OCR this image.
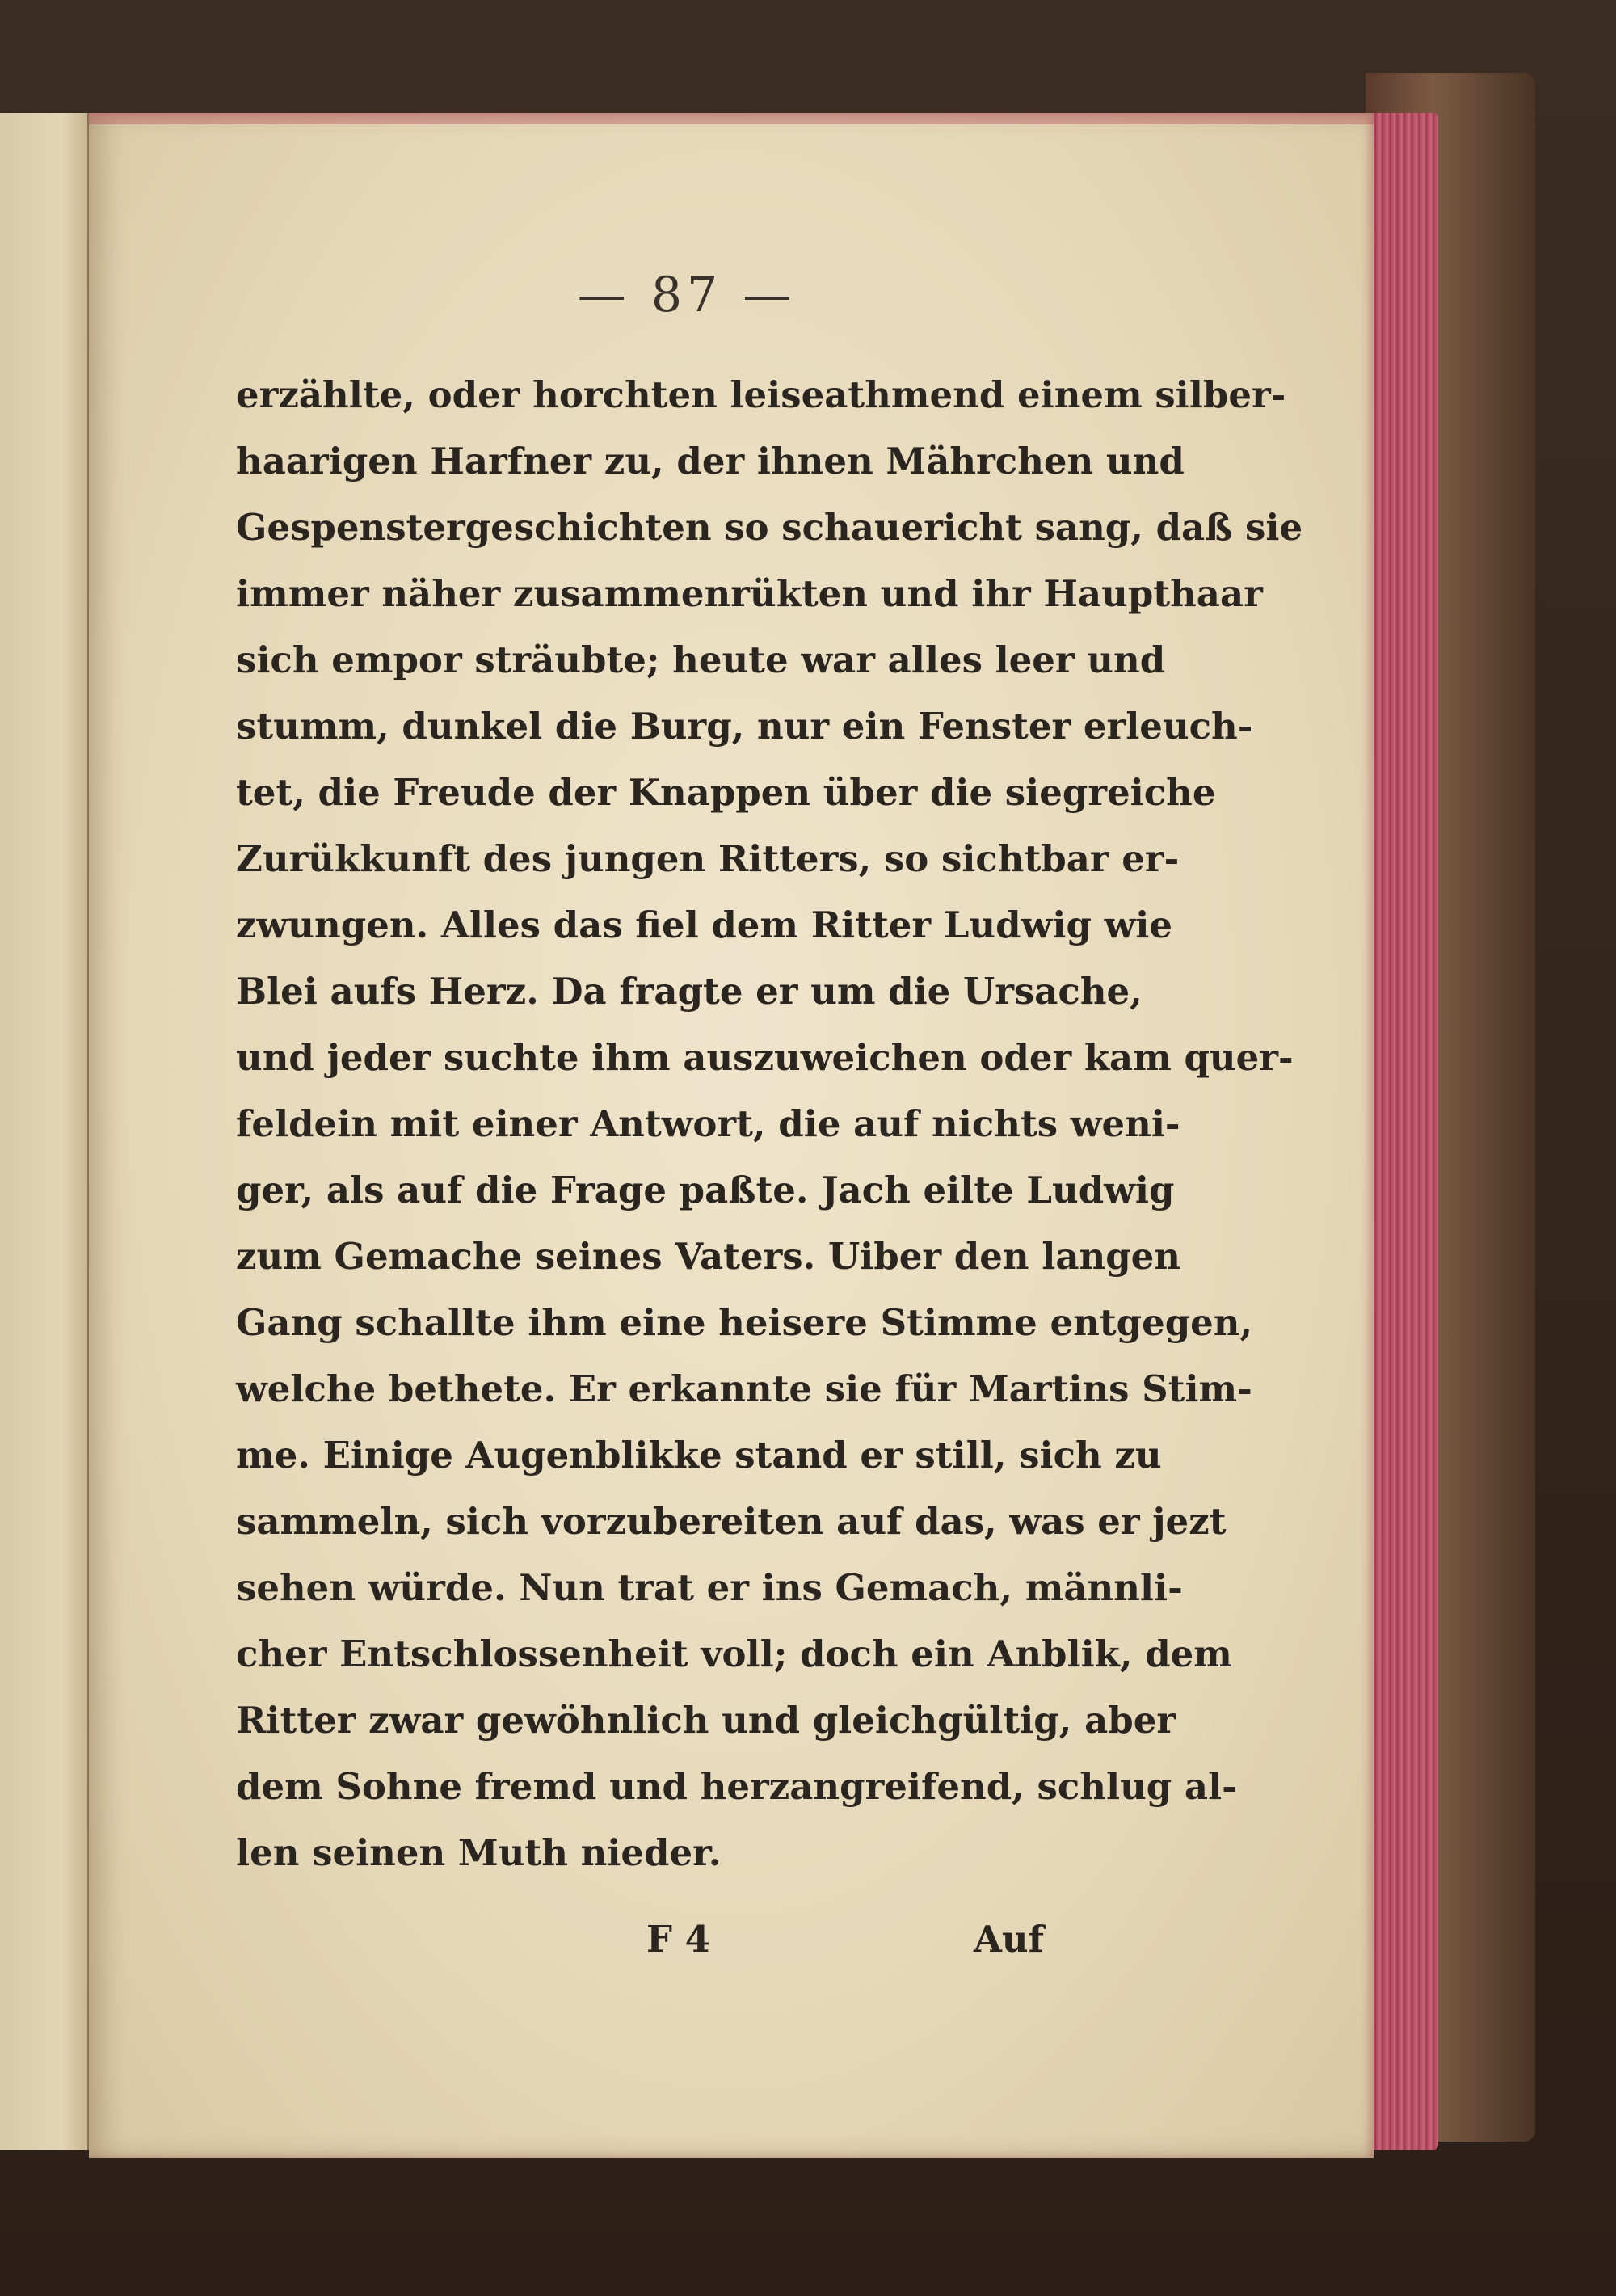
— 87 —
erzählte, oder horchten leiseathmend einem silber-
haarigen Harfner zu, der ihnen Mährchen und
Gespenstergeschichten so schauericht sang, daß sie
immer näher zusammenrükten und ihr Haupthaar
sich empor sträubte; heute war alles leer und
stumm, dunkel die Burg, nur ein Fenster erleuch-
tet, die Freude der Knappen über die siegreiche
Zurükkunft des jungen Ritters, so sichtbar er-
zwungen. Alles das fiel dem Ritter Ludwig wie
Blei aufs Herz. Da fragte er um die Ursache,
und jeder suchte ihm auszuweichen oder kam quer-
feldein mit einer Antwort, die auf nichts weni-
ger, als auf die Frage paßte. Jach eilte Ludwig
zum Gemache seines Vaters. Uiber den langen
Gang schallte ihm eine heisere Stimme entgegen,
welche bethete. Er erkannte sie für Martins Stim-
me. Einige Augenblikke stand er still, sich zu
sammeln, sich vorzubereiten auf das, was er jezt
sehen würde. Nun trat er ins Gemach, männli-
cher Entschlossenheit voll; doch ein Anblik, dem
Ritter zwar gewöhnlich und gleichgültig, aber
dem Sohne fremd und herzangreifend, schlug al-
len seinen Muth nieder.
F 4	Auf
